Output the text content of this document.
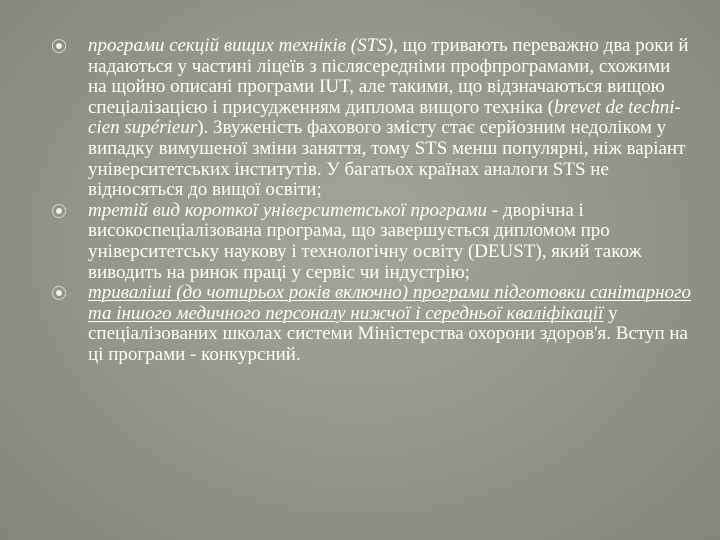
програми секцій вищих техніків (STS), що тривають переважно два роки й надаються у частині ліцеїв з післясередніми профпрограмами, схожими на щойно описані програми IUT, але такими, що відзначаються вищою спеціалізацією і присудженням диплома вищого техніка (brevet de techni-cien supérieur). Звуженість фахового змісту стає серйозним недоліком у випадку вимушеної зміни заняття, тому STS менш популярні, ніж варіант університетських інститутів. У багатьох країнах аналоги STS не відносяться до вищої освіти;
третій вид короткої університетської програми - дворічна і високоспеціалізована програма, що завершується дипломом про університетську наукову і технологічну освіту (DEUST), який також виводить на ринок праці у сервіс чи індустрію;
триваліші (до чотирьох років включно) програми підготовки санітарного та іншого медичного персоналу нижчої і середньої кваліфікації у спеціалізованих школах системи Міністерства охорони здоров'я. Вступ на ці програми - конкурсний.
